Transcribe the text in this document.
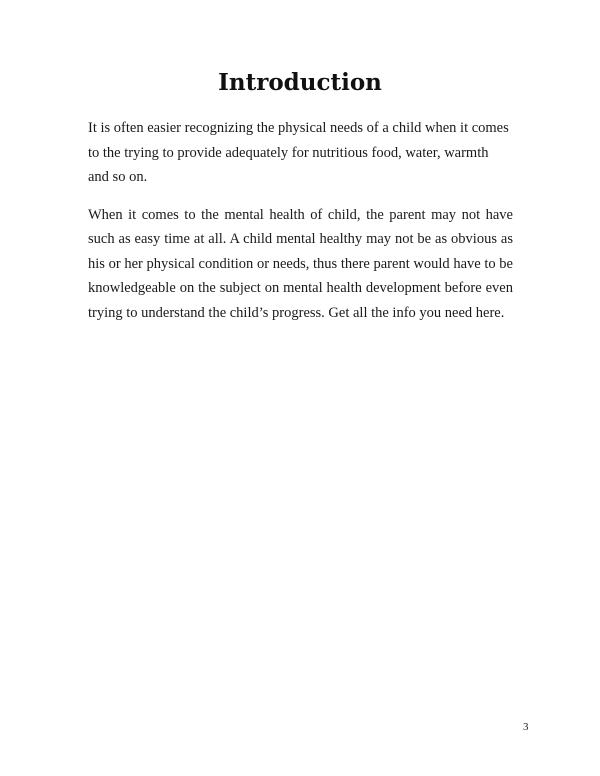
Introduction

It is often easier recognizing the physical needs of a child when it comes to the trying to provide adequately for nutritious food, water, warmth and so on.

When it comes to the mental health of child, the parent may not have such as easy time at all. A child mental healthy may not be as obvious as his or her physical condition or needs, thus there parent would have to be knowledgeable on the subject on mental health development before even trying to understand the child’s progress. Get all the info you need here.

3
